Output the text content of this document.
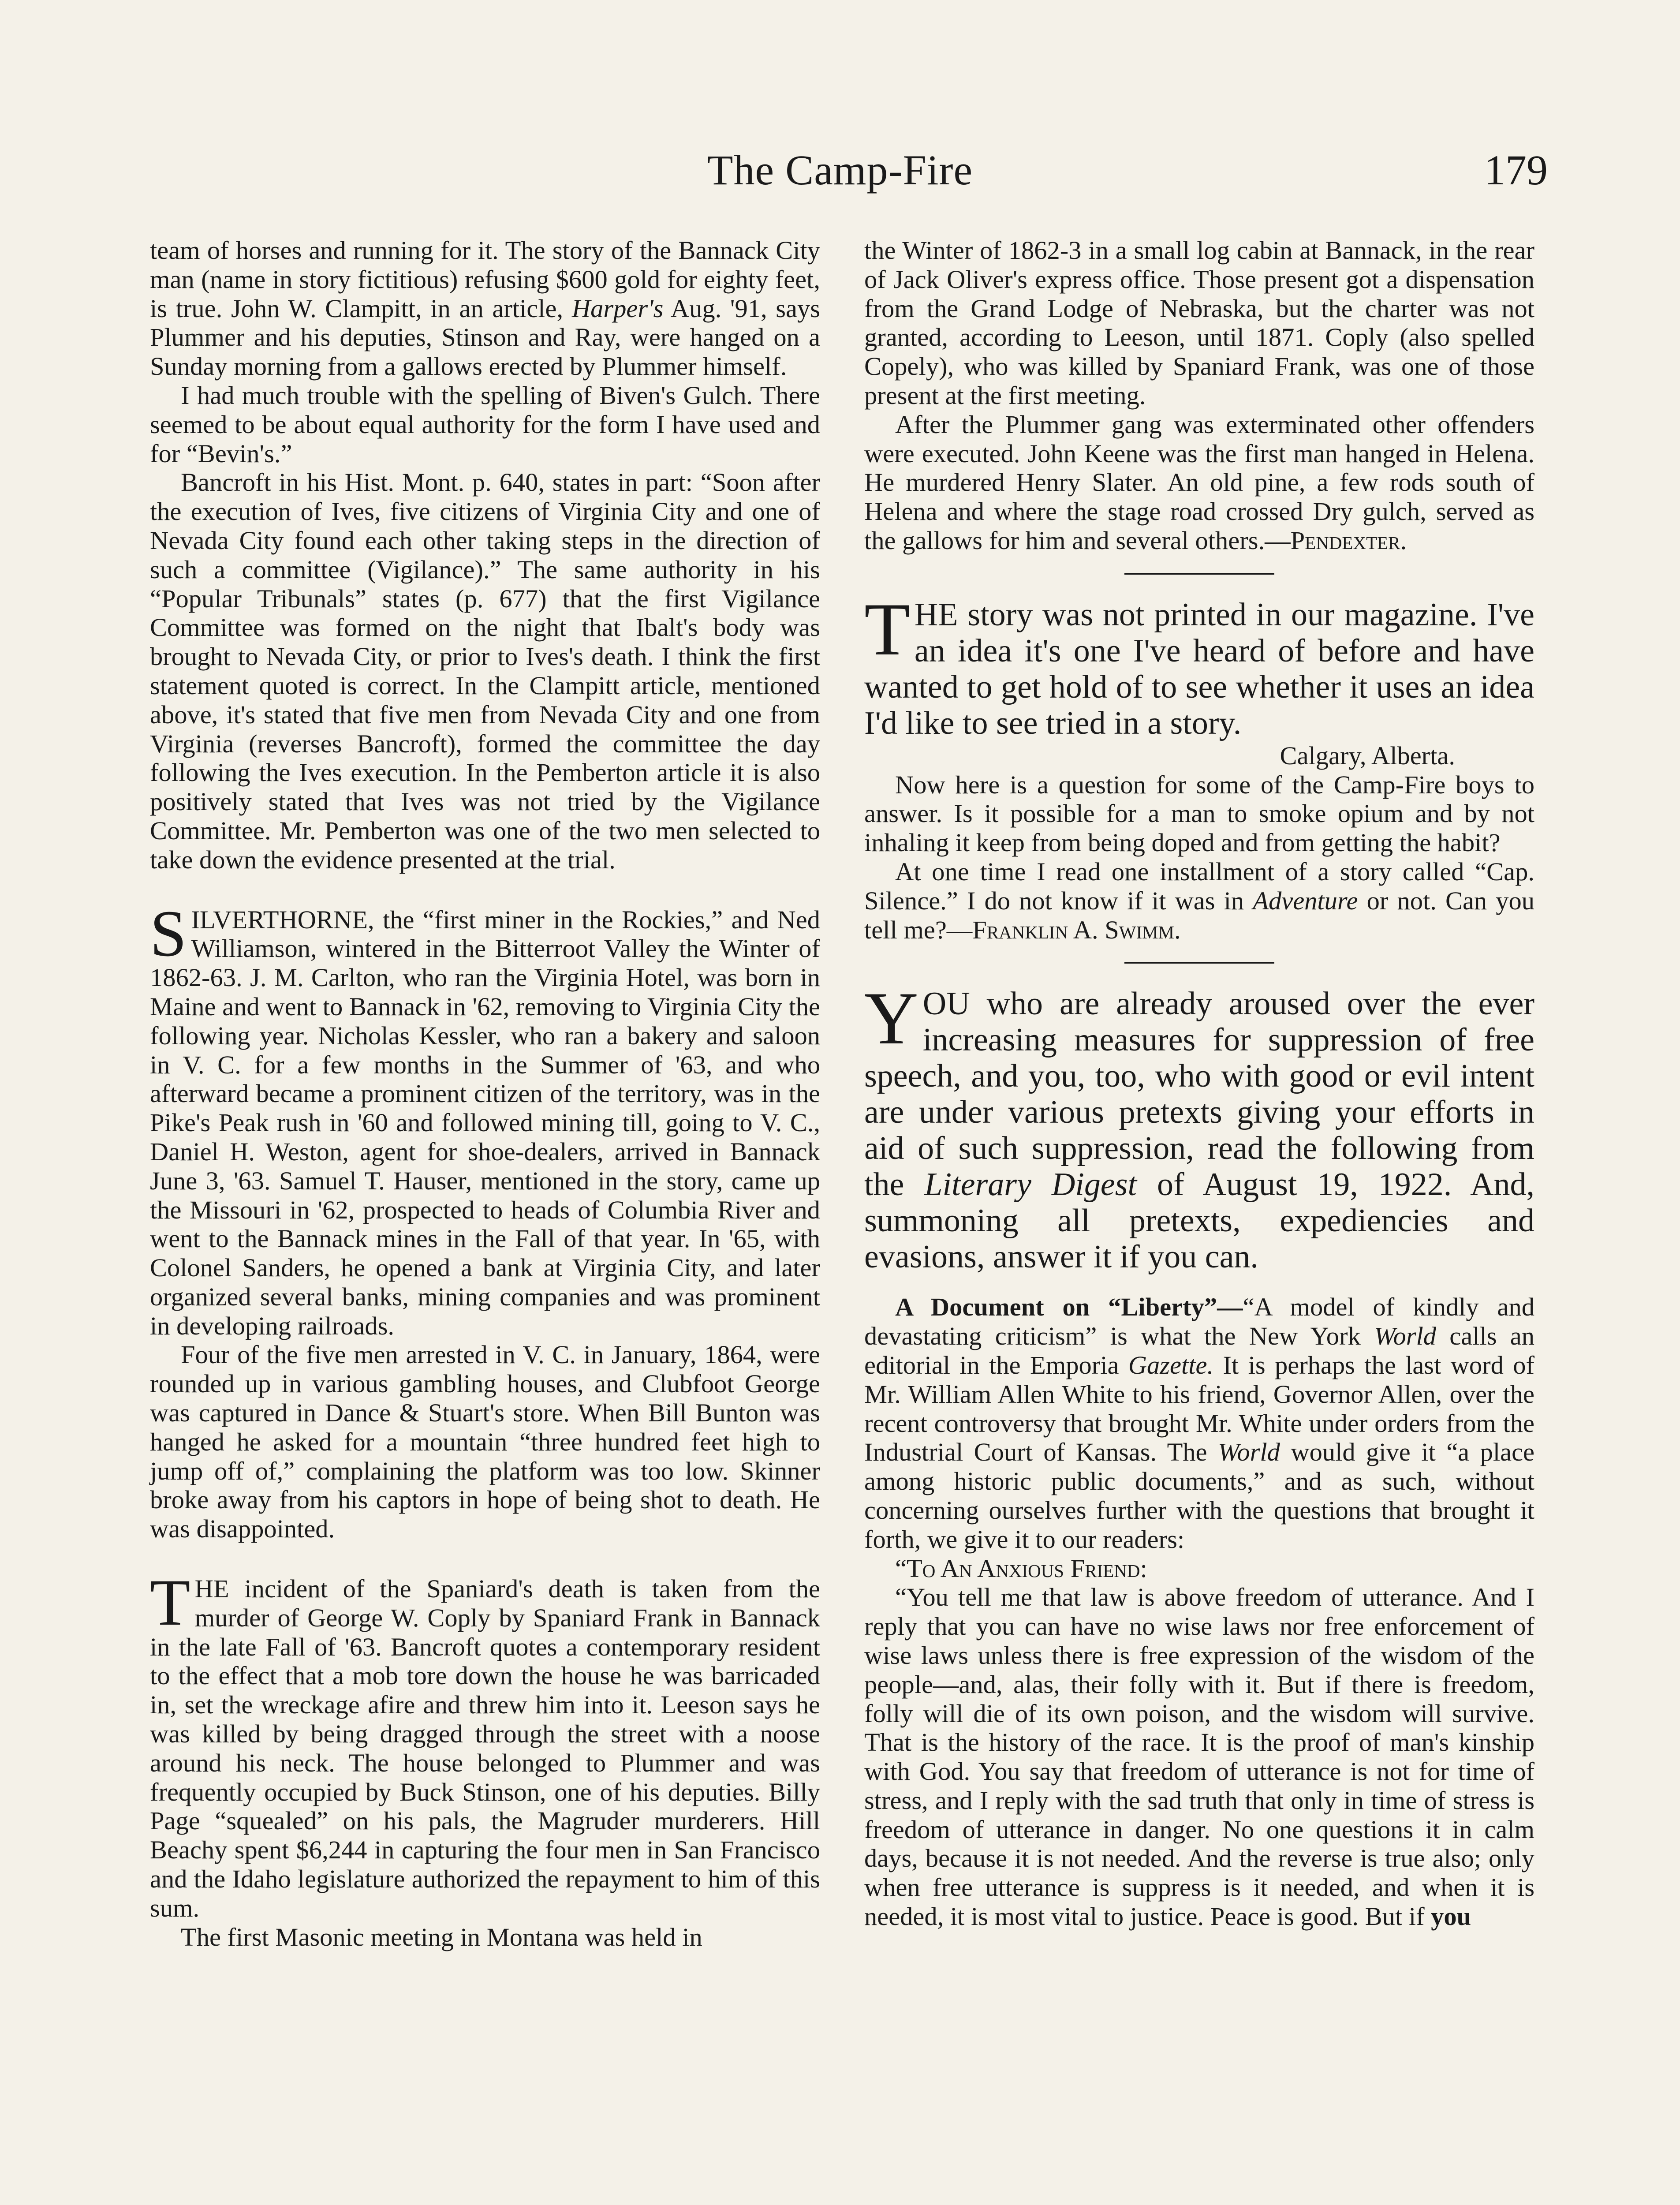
The Camp-Fire	179

team of horses and running for it. The story of the Bannack City man (name in story fictitious) refusing $600 gold for eighty feet, is true. John W. Clampitt, in an article, Harper's Aug. '91, says Plummer and his deputies, Stinson and Ray, were hanged on a Sunday morning from a gallows erected by Plummer himself.

I had much trouble with the spelling of Biven's Gulch. There seemed to be about equal authority for the form I have used and for “Bevin's.”

Bancroft in his Hist. Mont. p. 640, states in part: “Soon after the execution of Ives, five citizens of Virginia City and one of Nevada City found each other taking steps in the direction of such a committee (Vigilance).” The same authority in his “Popular Tribunals” states (p. 677) that the first Vigilance Committee was formed on the night that Ibalt's body was brought to Nevada City, or prior to Ives's death. I think the first statement quoted is correct. In the Clampitt article, mentioned above, it's stated that five men from Nevada City and one from Virginia (reverses Bancroft), formed the committee the day following the Ives execution. In the Pemberton article it is also positively stated that Ives was not tried by the Vigilance Committee. Mr. Pemberton was one of the two men selected to take down the evidence presented at the trial.

SILVERTHORNE, the “first miner in the Rockies,” and Ned Williamson, wintered in the Bitterroot Valley the Winter of 1862-63. J. M. Carlton, who ran the Virginia Hotel, was born in Maine and went to Bannack in '62, removing to Virginia City the following year. Nicholas Kessler, who ran a bakery and saloon in V. C. for a few months in the Summer of '63, and who afterward became a prominent citizen of the territory, was in the Pike's Peak rush in '60 and followed mining till, going to V. C., Daniel H. Weston, agent for shoe-dealers, arrived in Bannack June 3, '63. Samuel T. Hauser, mentioned in the story, came up the Missouri in '62, prospected to heads of Columbia River and went to the Bannack mines in the Fall of that year. In '65, with Colonel Sanders, he opened a bank at Virginia City, and later organized several banks, mining companies and was prominent in developing railroads.

Four of the five men arrested in V. C. in January, 1864, were rounded up in various gambling houses, and Clubfoot George was captured in Dance & Stuart's store. When Bill Bunton was hanged he asked for a mountain “three hundred feet high to jump off of,” complaining the platform was too low. Skinner broke away from his captors in hope of being shot to death. He was disappointed.

THE incident of the Spaniard's death is taken from the murder of George W. Coply by Spaniard Frank in Bannack in the late Fall of '63. Bancroft quotes a contemporary resident to the effect that a mob tore down the house he was barricaded in, set the wreckage afire and threw him into it. Leeson says he was killed by being dragged through the street with a noose around his neck. The house belonged to Plummer and was frequently occupied by Buck Stinson, one of his deputies. Billy Page “squealed” on his pals, the Magruder murderers. Hill Beachy spent $6,244 in capturing the four men in San Francisco and the Idaho legislature authorized the repayment to him of this sum.

The first Masonic meeting in Montana was held in

the Winter of 1862-3 in a small log cabin at Bannack, in the rear of Jack Oliver's express office. Those present got a dispensation from the Grand Lodge of Nebraska, but the charter was not granted, according to Leeson, until 1871. Coply (also spelled Copely), who was killed by Spaniard Frank, was one of those present at the first meeting.

After the Plummer gang was exterminated other offenders were executed. John Keene was the first man hanged in Helena. He murdered Henry Slater. An old pine, a few rods south of Helena and where the stage road crossed Dry gulch, served as the gallows for him and several others.—Pendexter.

THE story was not printed in our magazine. I've an idea it's one I've heard of before and have wanted to get hold of to see whether it uses an idea I'd like to see tried in a story.

Calgary, Alberta.

Now here is a question for some of the Camp-Fire boys to answer. Is it possible for a man to smoke opium and by not inhaling it keep from being doped and from getting the habit?

At one time I read one installment of a story called “Cap. Silence.” I do not know if it was in Adventure or not. Can you tell me?—Franklin A. Swimm.

YOU who are already aroused over the ever increasing measures for suppression of free speech, and you, too, who with good or evil intent are under various pretexts giving your efforts in aid of such suppression, read the following from the Literary Digest of August 19, 1922. And, summoning all pretexts, expediencies and evasions, answer it if you can.

A Document on “Liberty”—“A model of kindly and devastating criticism” is what the New York World calls an editorial in the Emporia Gazette. It is perhaps the last word of Mr. William Allen White to his friend, Governor Allen, over the recent controversy that brought Mr. White under orders from the Industrial Court of Kansas. The World would give it “a place among historic public documents,” and as such, without concerning ourselves further with the questions that brought it forth, we give it to our readers:

“To An Anxious Friend:

“You tell me that law is above freedom of utterance. And I reply that you can have no wise laws nor free enforcement of wise laws unless there is free expression of the wisdom of the people—and, alas, their folly with it. But if there is freedom, folly will die of its own poison, and the wisdom will survive. That is the history of the race. It is the proof of man's kinship with God. You say that freedom of utterance is not for time of stress, and I reply with the sad truth that only in time of stress is freedom of utterance in danger. No one questions it in calm days, because it is not needed. And the reverse is true also; only when free utterance is suppress is it needed, and when it is needed, it is most vital to justice. Peace is good. But if you
